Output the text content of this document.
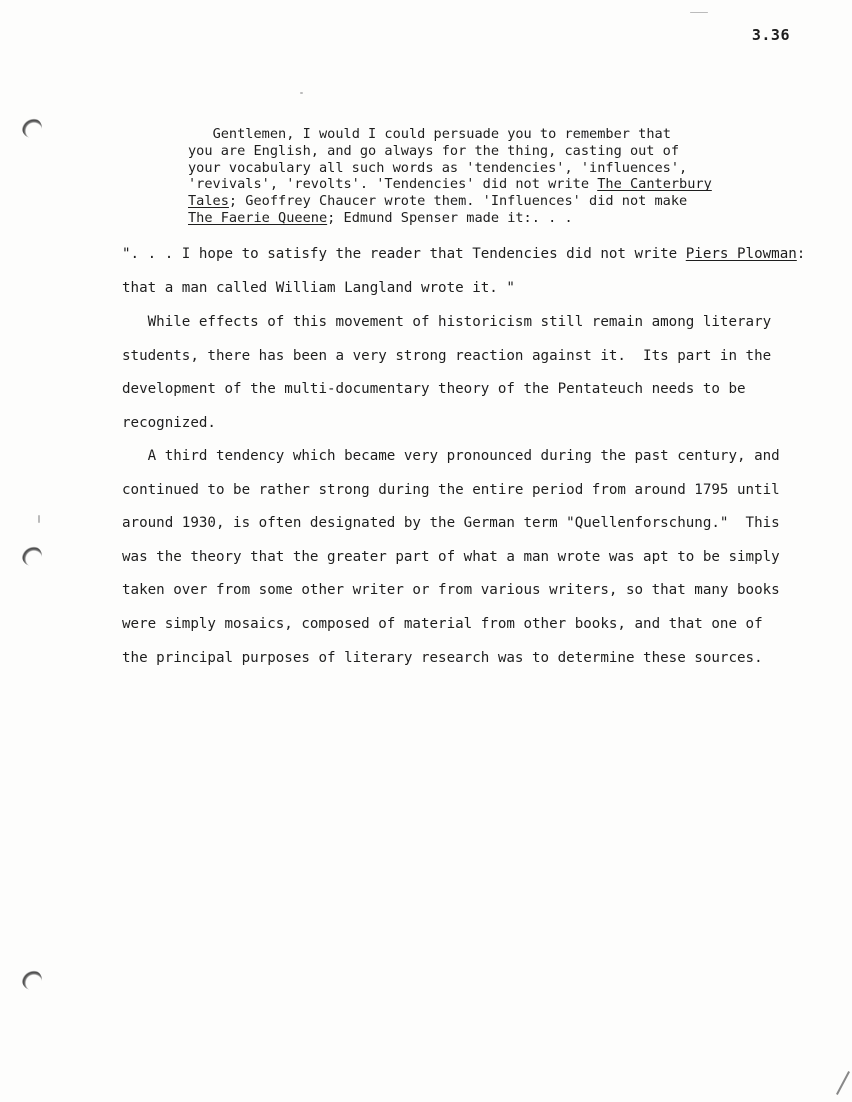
3.36
Gentlemen, I would I could persuade you to remember that
you are English, and go always for the thing, casting out of
your vocabulary all such words as 'tendencies', 'influences',
'revivals', 'revolts'. 'Tendencies' did not write The Canterbury
Tales; Geoffrey Chaucer wrote them. 'Influences' did not make
The Faerie Queene; Edmund Spenser made it:. . .
". . . I hope to satisfy the reader that Tendencies did not write Piers Plowman:
that a man called William Langland wrote it. "
While effects of this movement of historicism still remain among literary
students, there has been a very strong reaction against it.  Its part in the
development of the multi-documentary theory of the Pentateuch needs to be
recognized.
A third tendency which became very pronounced during the past century, and
continued to be rather strong during the entire period from around 1795 until
around 1930, is often designated by the German term "Quellenforschung."  This
was the theory that the greater part of what a man wrote was apt to be simply
taken over from some other writer or from various writers, so that many books
were simply mosaics, composed of material from other books, and that one of
the principal purposes of literary research was to determine these sources.
